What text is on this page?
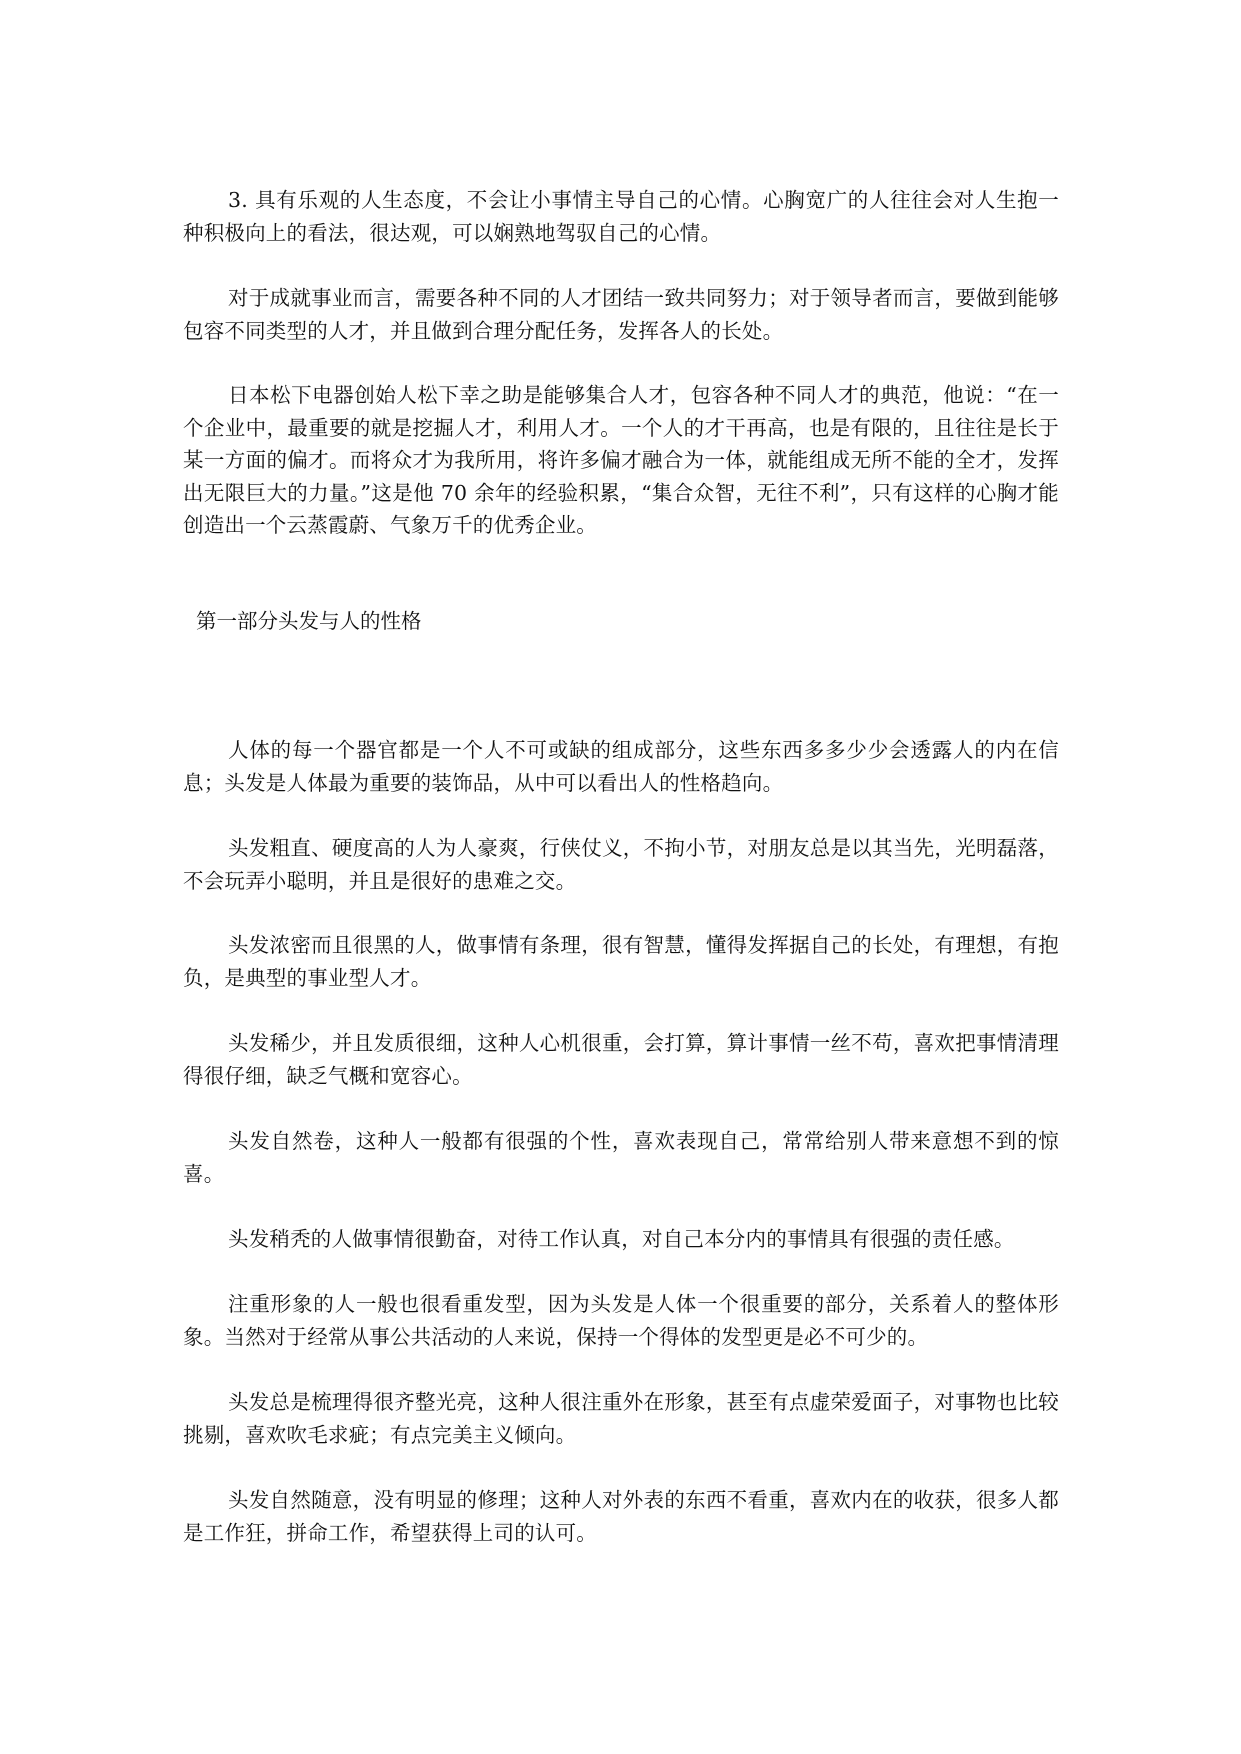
3. 具有乐观的人生态度，不会让小事情主导自己的心情。心胸宽广的人往往会对人生抱一种积极向上的看法，很达观，可以娴熟地驾驭自己的心情。

对于成就事业而言，需要各种不同的人才团结一致共同努力；对于领导者而言，要做到能够包容不同类型的人才，并且做到合理分配任务，发挥各人的长处。

日本松下电器创始人松下幸之助是能够集合人才，包容各种不同人才的典范，他说：“在一个企业中，最重要的就是挖掘人才，利用人才。一个人的才干再高，也是有限的，且往往是长于某一方面的偏才。而将众才为我所用，将许多偏才融合为一体，就能组成无所不能的全才，发挥出无限巨大的力量。”这是他 70 余年的经验积累，“集合众智，无往不利”，只有这样的心胸才能创造出一个云蒸霞蔚、气象万千的优秀企业。

第一部分头发与人的性格

人体的每一个器官都是一个人不可或缺的组成部分，这些东西多多少少会透露人的内在信息；头发是人体最为重要的装饰品，从中可以看出人的性格趋向。

头发粗直、硬度高的人为人豪爽，行侠仗义，不拘小节，对朋友总是以其当先，光明磊落，不会玩弄小聪明，并且是很好的患难之交。

头发浓密而且很黑的人，做事情有条理，很有智慧，懂得发挥据自己的长处，有理想，有抱负，是典型的事业型人才。

头发稀少，并且发质很细，这种人心机很重，会打算，算计事情一丝不苟，喜欢把事情清理得很仔细，缺乏气概和宽容心。

头发自然卷，这种人一般都有很强的个性，喜欢表现自己，常常给别人带来意想不到的惊喜。

头发稍秃的人做事情很勤奋，对待工作认真，对自己本分内的事情具有很强的责任感。

注重形象的人一般也很看重发型，因为头发是人体一个很重要的部分，关系着人的整体形象。当然对于经常从事公共活动的人来说，保持一个得体的发型更是必不可少的。

头发总是梳理得很齐整光亮，这种人很注重外在形象，甚至有点虚荣爱面子，对事物也比较挑剔，喜欢吹毛求疵；有点完美主义倾向。

头发自然随意，没有明显的修理；这种人对外表的东西不看重，喜欢内在的收获，很多人都是工作狂，拼命工作，希望获得上司的认可。
